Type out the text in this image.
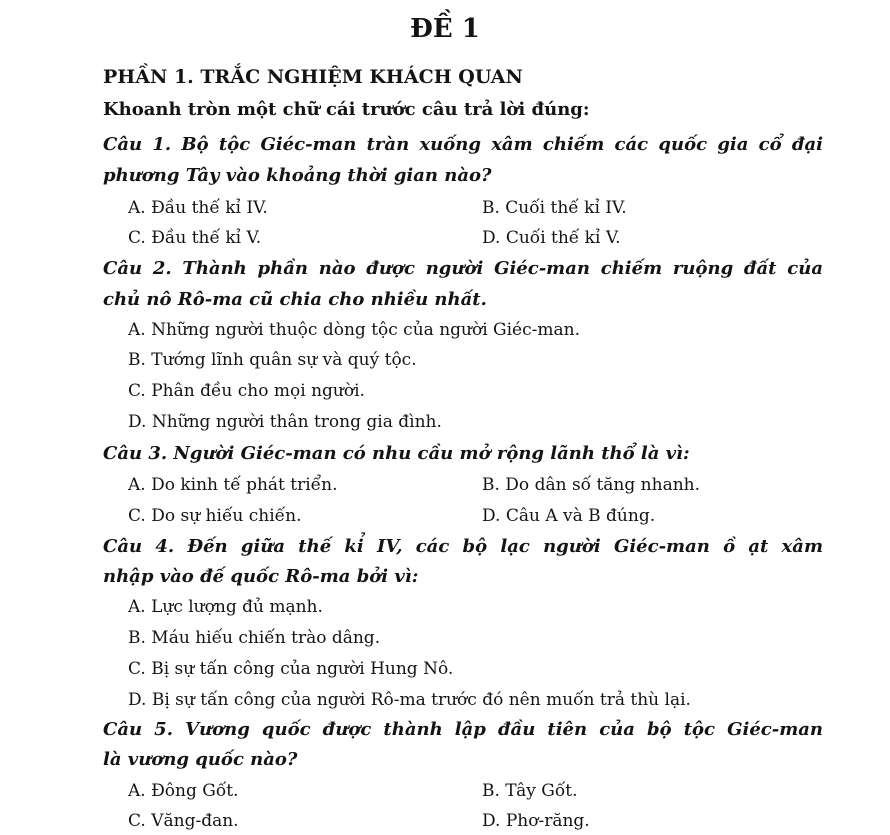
ĐỀ 1
PHẦN 1. TRẮC NGHIỆM KHÁCH QUAN
Khoanh tròn một chữ cái trước câu trả lời đúng:
Câu 1. Bộ tộc Giéc-man tràn xuống xâm chiếm các quốc gia cổ đại
phương Tây vào khoảng thời gian nào?
A. Đầu thế kỉ IV.	B. Cuối thế kỉ IV.
C. Đầu thế kỉ V.	D. Cuối thế kỉ V.
Câu 2. Thành phần nào được người Giéc-man chiếm ruộng đất của
chủ nô Rô-ma cũ chia cho nhiều nhất.
A. Những người thuộc dòng tộc của người Giéc-man.
B. Tướng lĩnh quân sự và quý tộc.
C. Phân đều cho mọi người.
D. Những người thân trong gia đình.
Câu 3. Người Giéc-man có nhu cầu mở rộng lãnh thổ là vì:
A. Do kinh tế phát triển.	B. Do dân số tăng nhanh.
C. Do sự hiếu chiến.	D. Câu A và B đúng.
Câu 4. Đến giữa thế kỉ IV, các bộ lạc người Giéc-man ồ ạt xâm
nhập vào đế quốc Rô-ma bởi vì:
A. Lực lượng đủ mạnh.
B. Máu hiếu chiến trào dâng.
C. Bị sự tấn công của người Hung Nô.
D. Bị sự tấn công của người Rô-ma trước đó nên muốn trả thù lại.
Câu 5. Vương quốc được thành lập đầu tiên của bộ tộc Giéc-man
là vương quốc nào?
A. Đông Gốt.	B. Tây Gốt.
C. Văng-đan.	D. Phơ-răng.
